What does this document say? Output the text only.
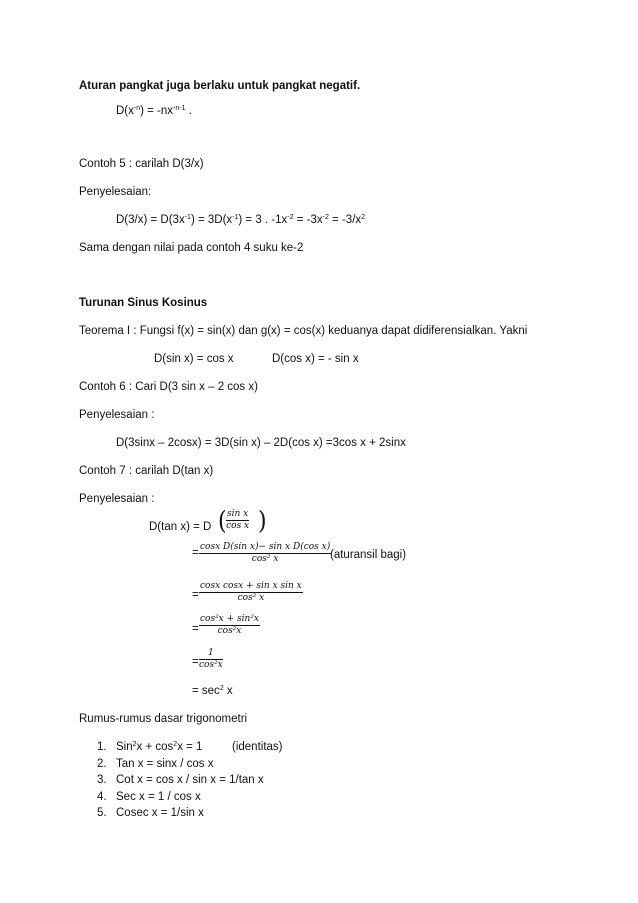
Aturan pangkat juga berlaku untuk pangkat negatif.
$D(x^{-n}) = -nx^{-n-1}$ .
Contoh 5 : carilah D(3/x)
Penyelesaian:
$D(3/x) = D(3x^{-1}) = 3D(x^{-1}) = 3$ . $-1x^{-2} = -3x^{-2} = -3/x^2$
Sama dengan nilai pada contoh 4 suku ke-2
Turunan Sinus Kosinus
Teorema I : Fungsi f(x) = sin(x) dan g(x) = cos(x) keduanya dapat didiferensialkan. Yakni
D(sin x) = cos x	D(cos x) = - sin x
Contoh 6 : Cari D(3 sin x – 2 cos x)
Penyelesaian :
D(3sinx – 2cosx) = 3D(sin x) – 2D(cos x) =3cos x + 2sinx
Contoh 7 : carilah D(tan x)
Penyelesaian :
D(tan x) = D ( sin x
cos x )
= cosx D(sin x)− sin x D(cos x)
cos² x	(aturansil bagi)
=
cosx cosx + sin x sin x
cos² x
=
cos²x + sin²x
cos²x
=
1
cos²x
= $\sec^2 x$
Rumus-rumus dasar trigonometri
1. $Sin^2x + \cos^2x = 1$	(identitas)
2. Tan x = sinx / cos x
3. Cot x = cos x / sin x = 1/tan x
4. Sec x = 1 / cos x
5. Cosec x = 1/sin x
